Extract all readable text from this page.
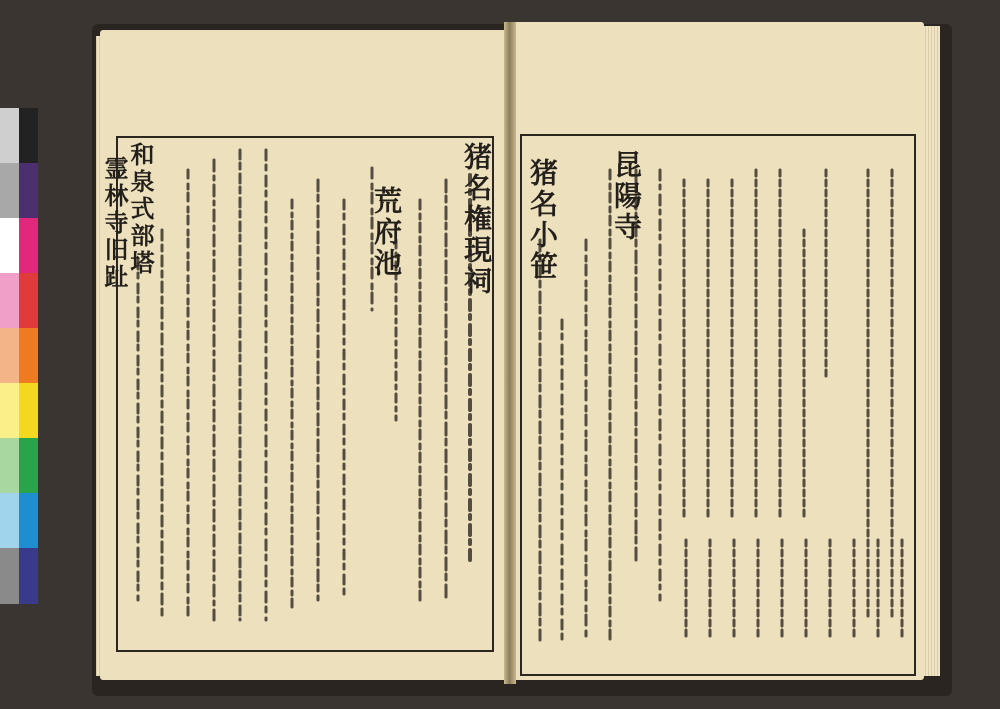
猪名権現祠
荒府池
和泉式部塔
霊林寺旧趾	昆陽寺
猪名小笹
